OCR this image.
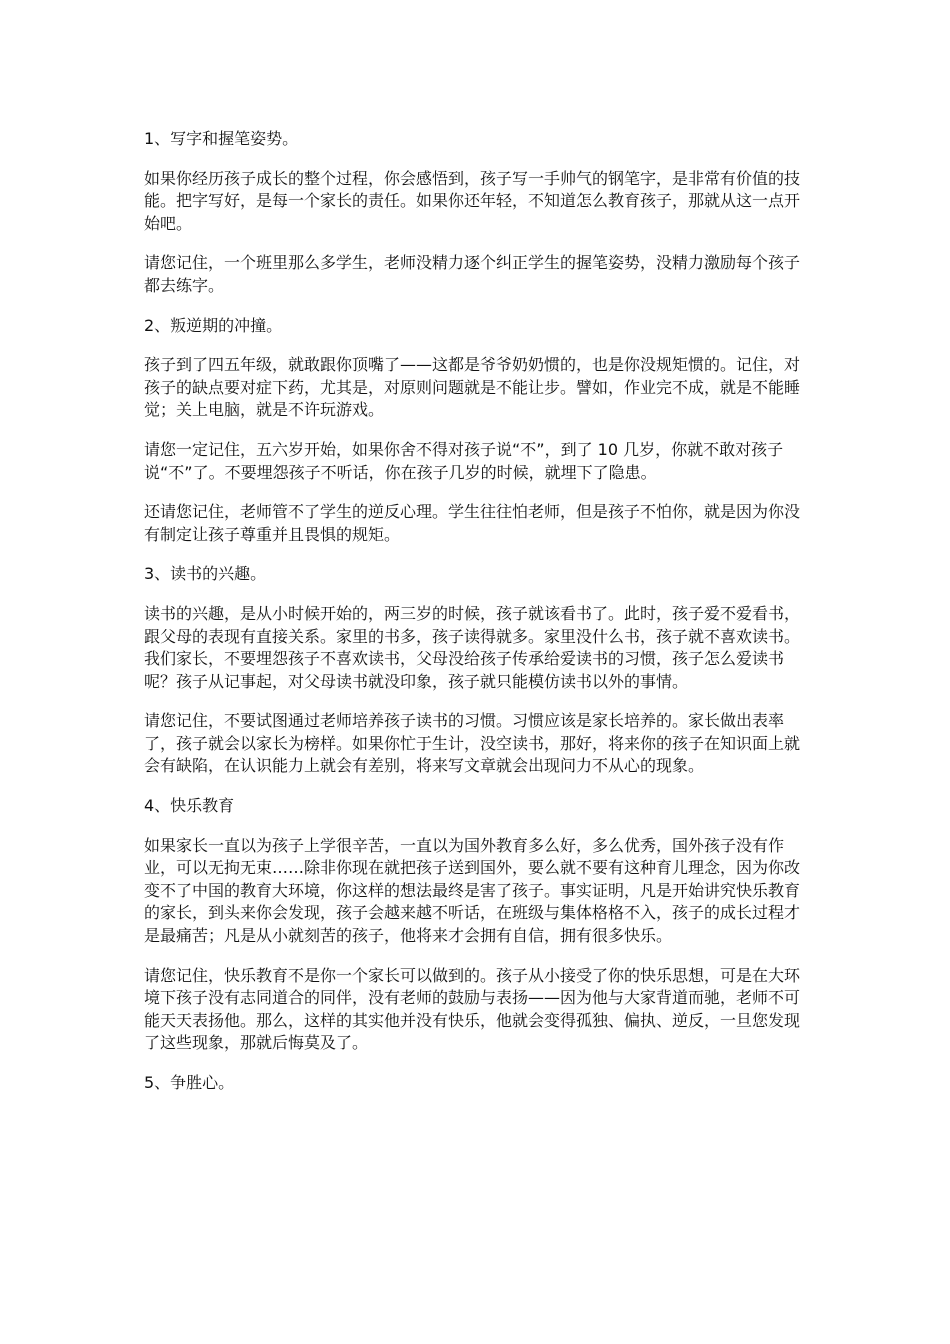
1、写字和握笔姿势。

如果你经历孩子成长的整个过程，你会感悟到，孩子写一手帅气的钢笔字，是非常有价值的技能。把字写好，是每一个家长的责任。如果你还年轻，不知道怎么教育孩子，那就从这一点开始吧。

请您记住，一个班里那么多学生，老师没精力逐个纠正学生的握笔姿势，没精力激励每个孩子都去练字。

2、叛逆期的冲撞。

孩子到了四五年级，就敢跟你顶嘴了——这都是爷爷奶奶惯的，也是你没规矩惯的。记住，对孩子的缺点要对症下药，尤其是，对原则问题就是不能让步。譬如，作业完不成，就是不能睡觉；关上电脑，就是不许玩游戏。

请您一定记住，五六岁开始，如果你舍不得对孩子说“不”，到了 10 几岁，你就不敢对孩子说“不”了。不要埋怨孩子不听话，你在孩子几岁的时候，就埋下了隐患。

还请您记住，老师管不了学生的逆反心理。学生往往怕老师，但是孩子不怕你，就是因为你没有制定让孩子尊重并且畏惧的规矩。

3、读书的兴趣。

读书的兴趣，是从小时候开始的，两三岁的时候，孩子就该看书了。此时，孩子爱不爱看书，跟父母的表现有直接关系。家里的书多，孩子读得就多。家里没什么书，孩子就不喜欢读书。我们家长，不要埋怨孩子不喜欢读书，父母没给孩子传承给爱读书的习惯，孩子怎么爱读书呢？孩子从记事起，对父母读书就没印象，孩子就只能模仿读书以外的事情。

请您记住，不要试图通过老师培养孩子读书的习惯。习惯应该是家长培养的。家长做出表率了，孩子就会以家长为榜样。如果你忙于生计，没空读书，那好，将来你的孩子在知识面上就会有缺陷，在认识能力上就会有差别，将来写文章就会出现问力不从心的现象。

4、快乐教育

如果家长一直以为孩子上学很辛苦，一直以为国外教育多么好，多么优秀，国外孩子没有作业，可以无拘无束……除非你现在就把孩子送到国外，要么就不要有这种育儿理念，因为你改变不了中国的教育大环境，你这样的想法最终是害了孩子。事实证明，凡是开始讲究快乐教育的家长，到头来你会发现，孩子会越来越不听话，在班级与集体格格不入，孩子的成长过程才是最痛苦；凡是从小就刻苦的孩子，他将来才会拥有自信，拥有很多快乐。

请您记住，快乐教育不是你一个家长可以做到的。孩子从小接受了你的快乐思想，可是在大环境下孩子没有志同道合的同伴，没有老师的鼓励与表扬——因为他与大家背道而驰，老师不可能天天表扬他。那么，这样的其实他并没有快乐，他就会变得孤独、偏执、逆反，一旦您发现了这些现象，那就后悔莫及了。

5、争胜心。
